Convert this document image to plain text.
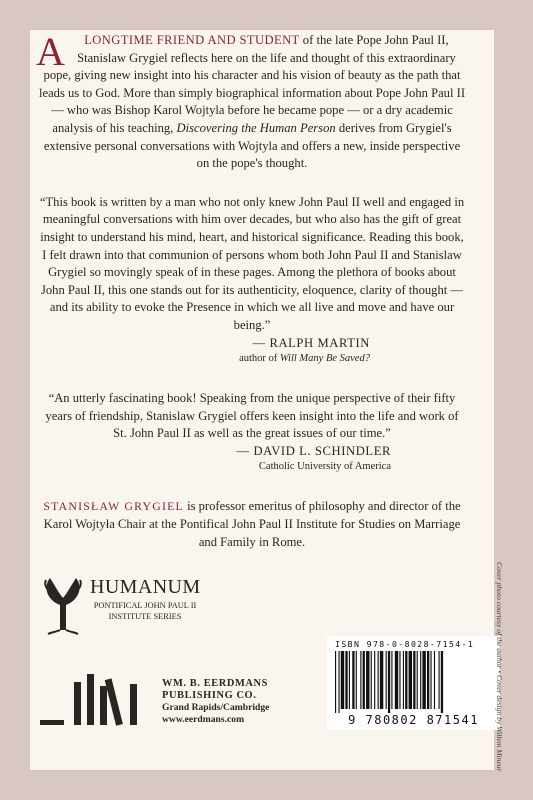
A LONGTIME FRIEND AND STUDENT of the late Pope John Paul II, Stanislaw Grygiel reflects here on the life and thought of this extraordinary pope, giving new insight into his character and his vision of beauty as the path that leads us to God. More than simply biographical information about Pope John Paul II — who was Bishop Karol Wojtyla before he became pope — or a dry academic analysis of his teaching, Discovering the Human Person derives from Grygiel's extensive personal conversations with Wojtyla and offers a new, inside perspective on the pope's thought.

“This book is written by a man who not only knew John Paul II well and engaged in meaningful conversations with him over decades, but who also has the gift of great insight to understand his mind, heart, and historical significance. Reading this book, I felt drawn into that communion of persons whom both John Paul II and Stanislaw Grygiel so movingly speak of in these pages. Among the plethora of books about John Paul II, this one stands out for its authenticity, eloquence, clarity of thought — and its ability to evoke the Presence in which we all live and move and have our being.”

— RALPH MARTIN
author of Will Many Be Saved?

“An utterly fascinating book! Speaking from the unique perspective of their fifty years of friendship, Stanislaw Grygiel offers keen insight into the life and work of St. John Paul II as well as the great issues of our time.”

— DAVID L. SCHINDLER
Catholic University of America

STANISŁAW GRYGIEL is professor emeritus of philosophy and director of the Karol Wojtyła Chair at the Pontifical John Paul II Institute for Studies on Marriage and Family in Rome.

HUMANUM
PONTIFICAL JOHN PAUL II
INSTITUTE SERIES
WM. B. EERDMANS
PUBLISHING CO.
Grand Rapids/Cambridge
www.eerdmans.com
ISBN 978-0-8028-7154-1
9 780802 871541	Cover photo courtesy of the author • Cover design by Willem Mineur
